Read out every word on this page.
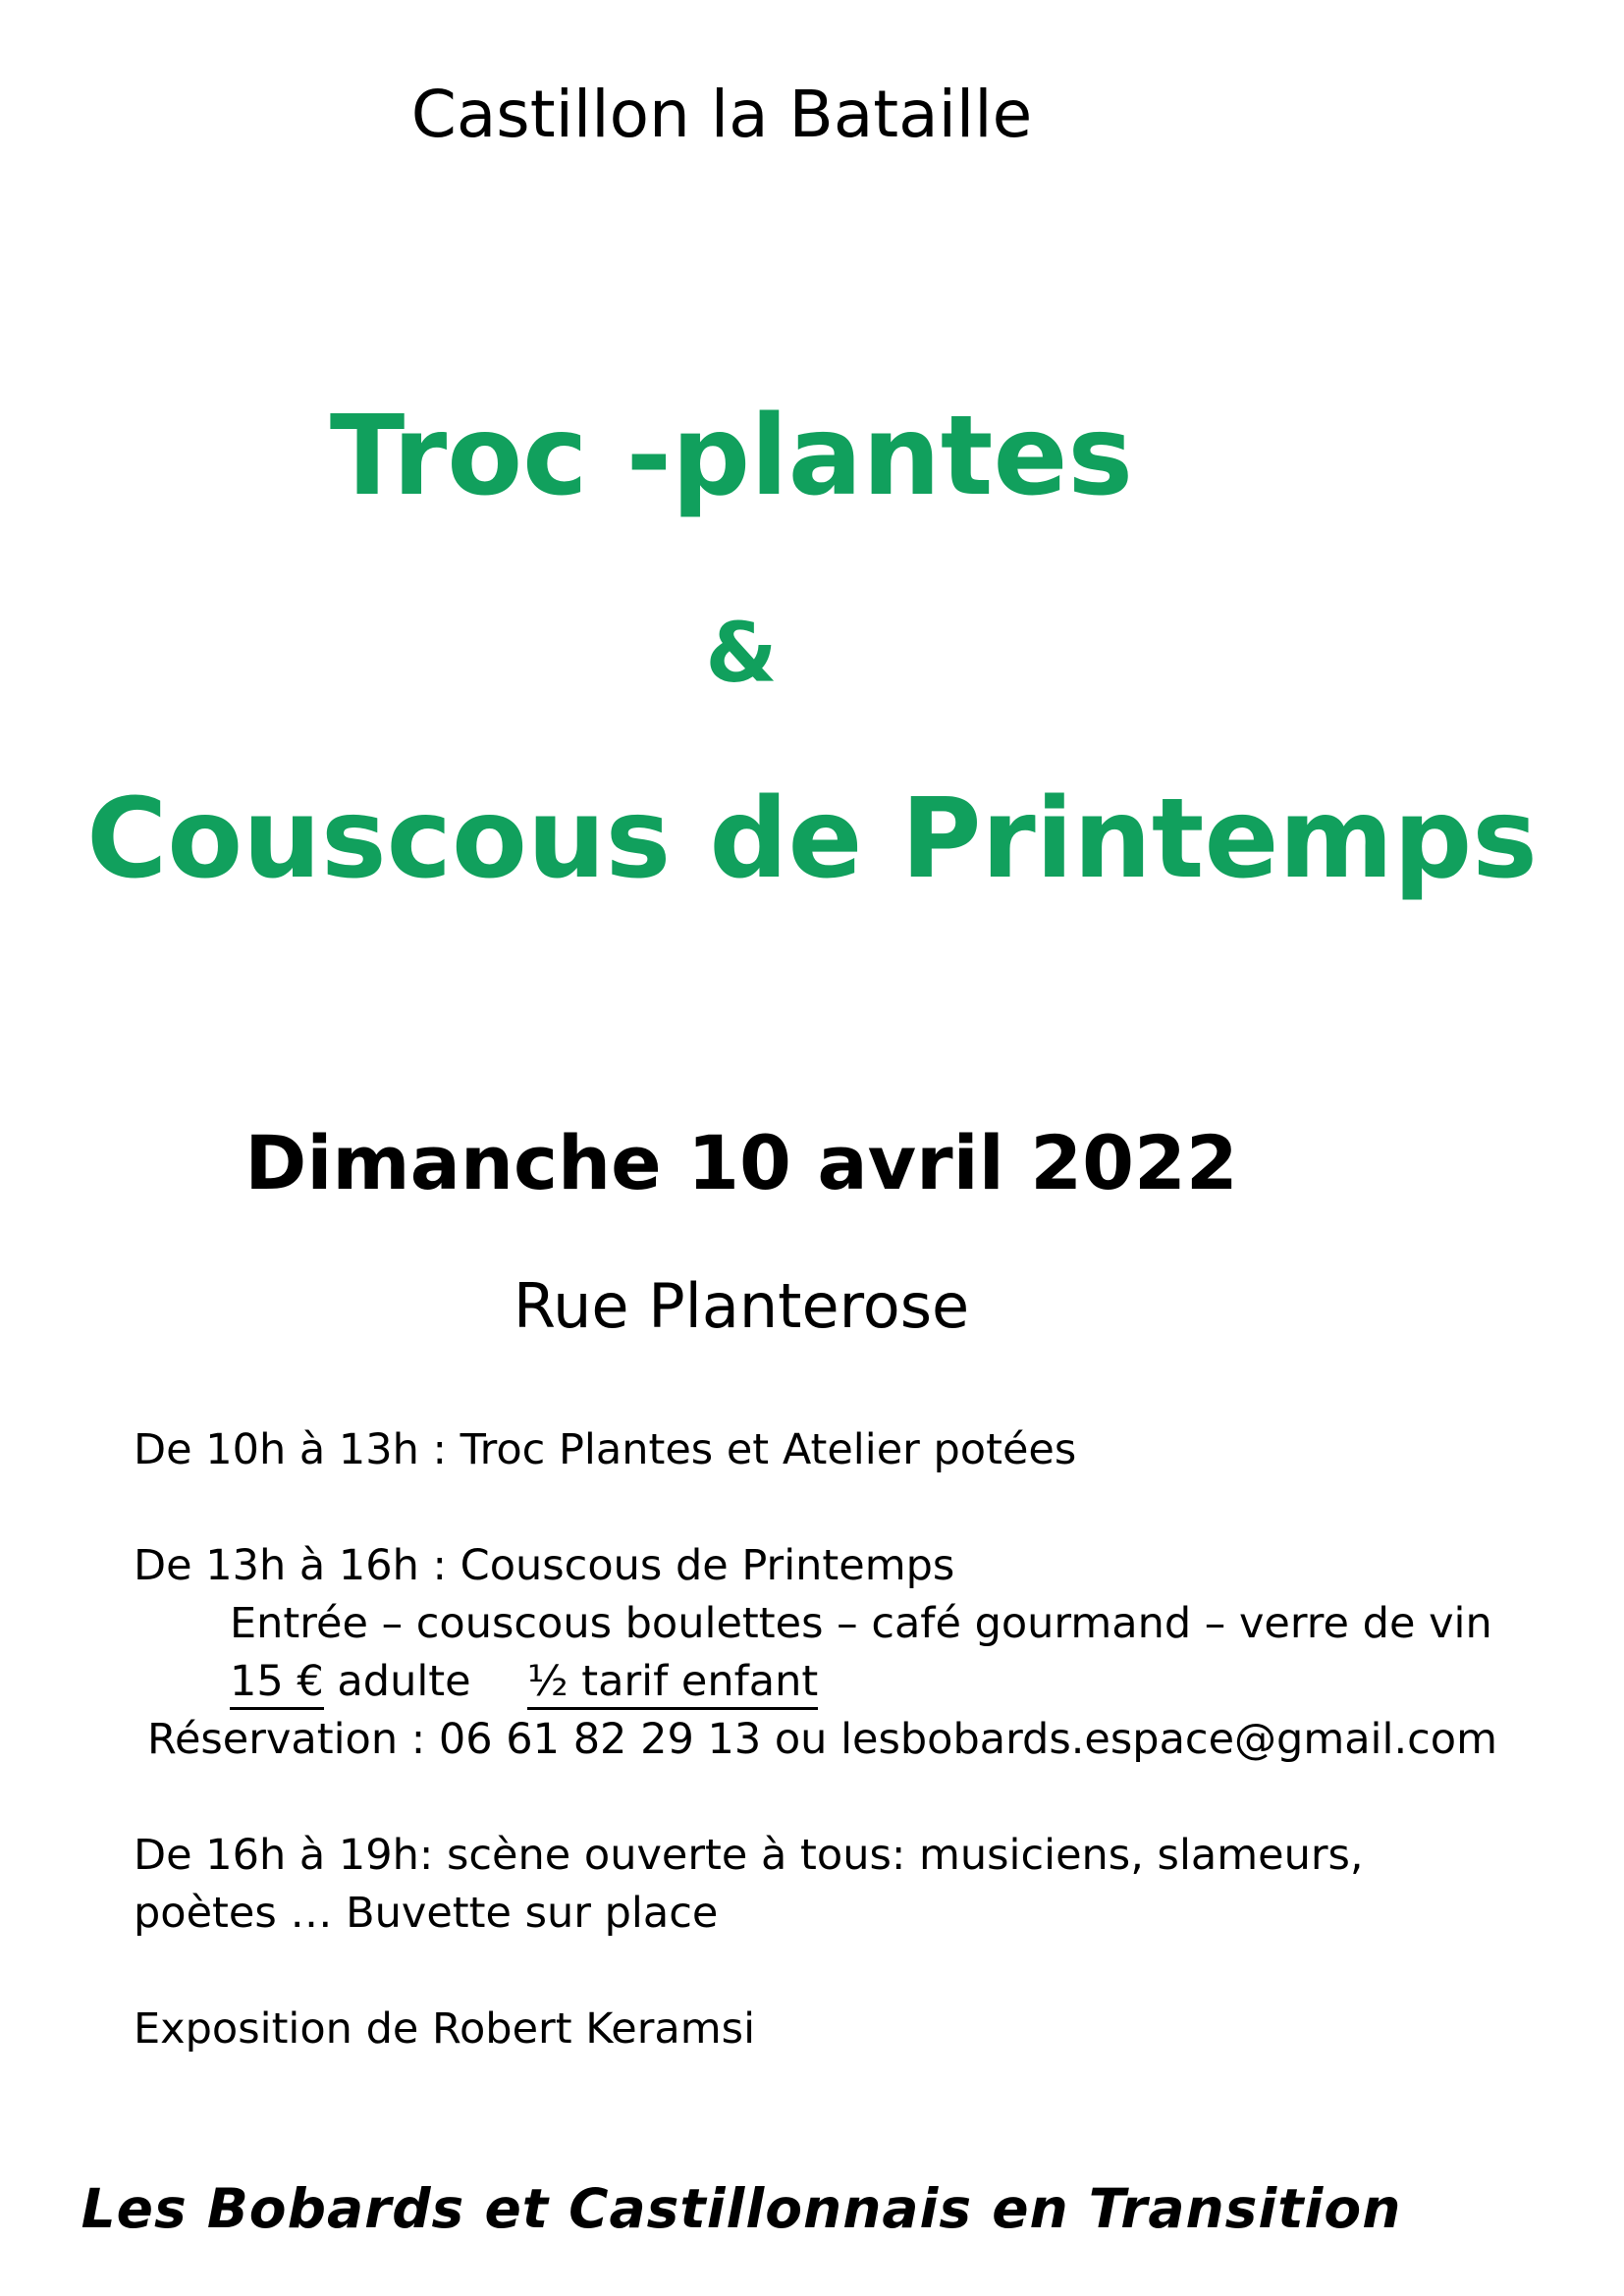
Castillon la Bataille
Troc -plantes
&
Couscous de Printemps
Dimanche 10 avril 2022
Rue Planterose
De 10h à 13h : Troc Plantes et Atelier potées
De 13h à 16h : Couscous de Printemps
Entrée – couscous boulettes – café gourmand – verre de vin
15 € adulte ½ tarif enfant
Réservation : 06 61 82 29 13 ou lesbobards.espace@gmail.com
De 16h à 19h: scène ouverte à tous: musiciens, slameurs,
poètes … Buvette sur place
Exposition de Robert Keramsi
Les Bobards et Castillonnais en Transition
